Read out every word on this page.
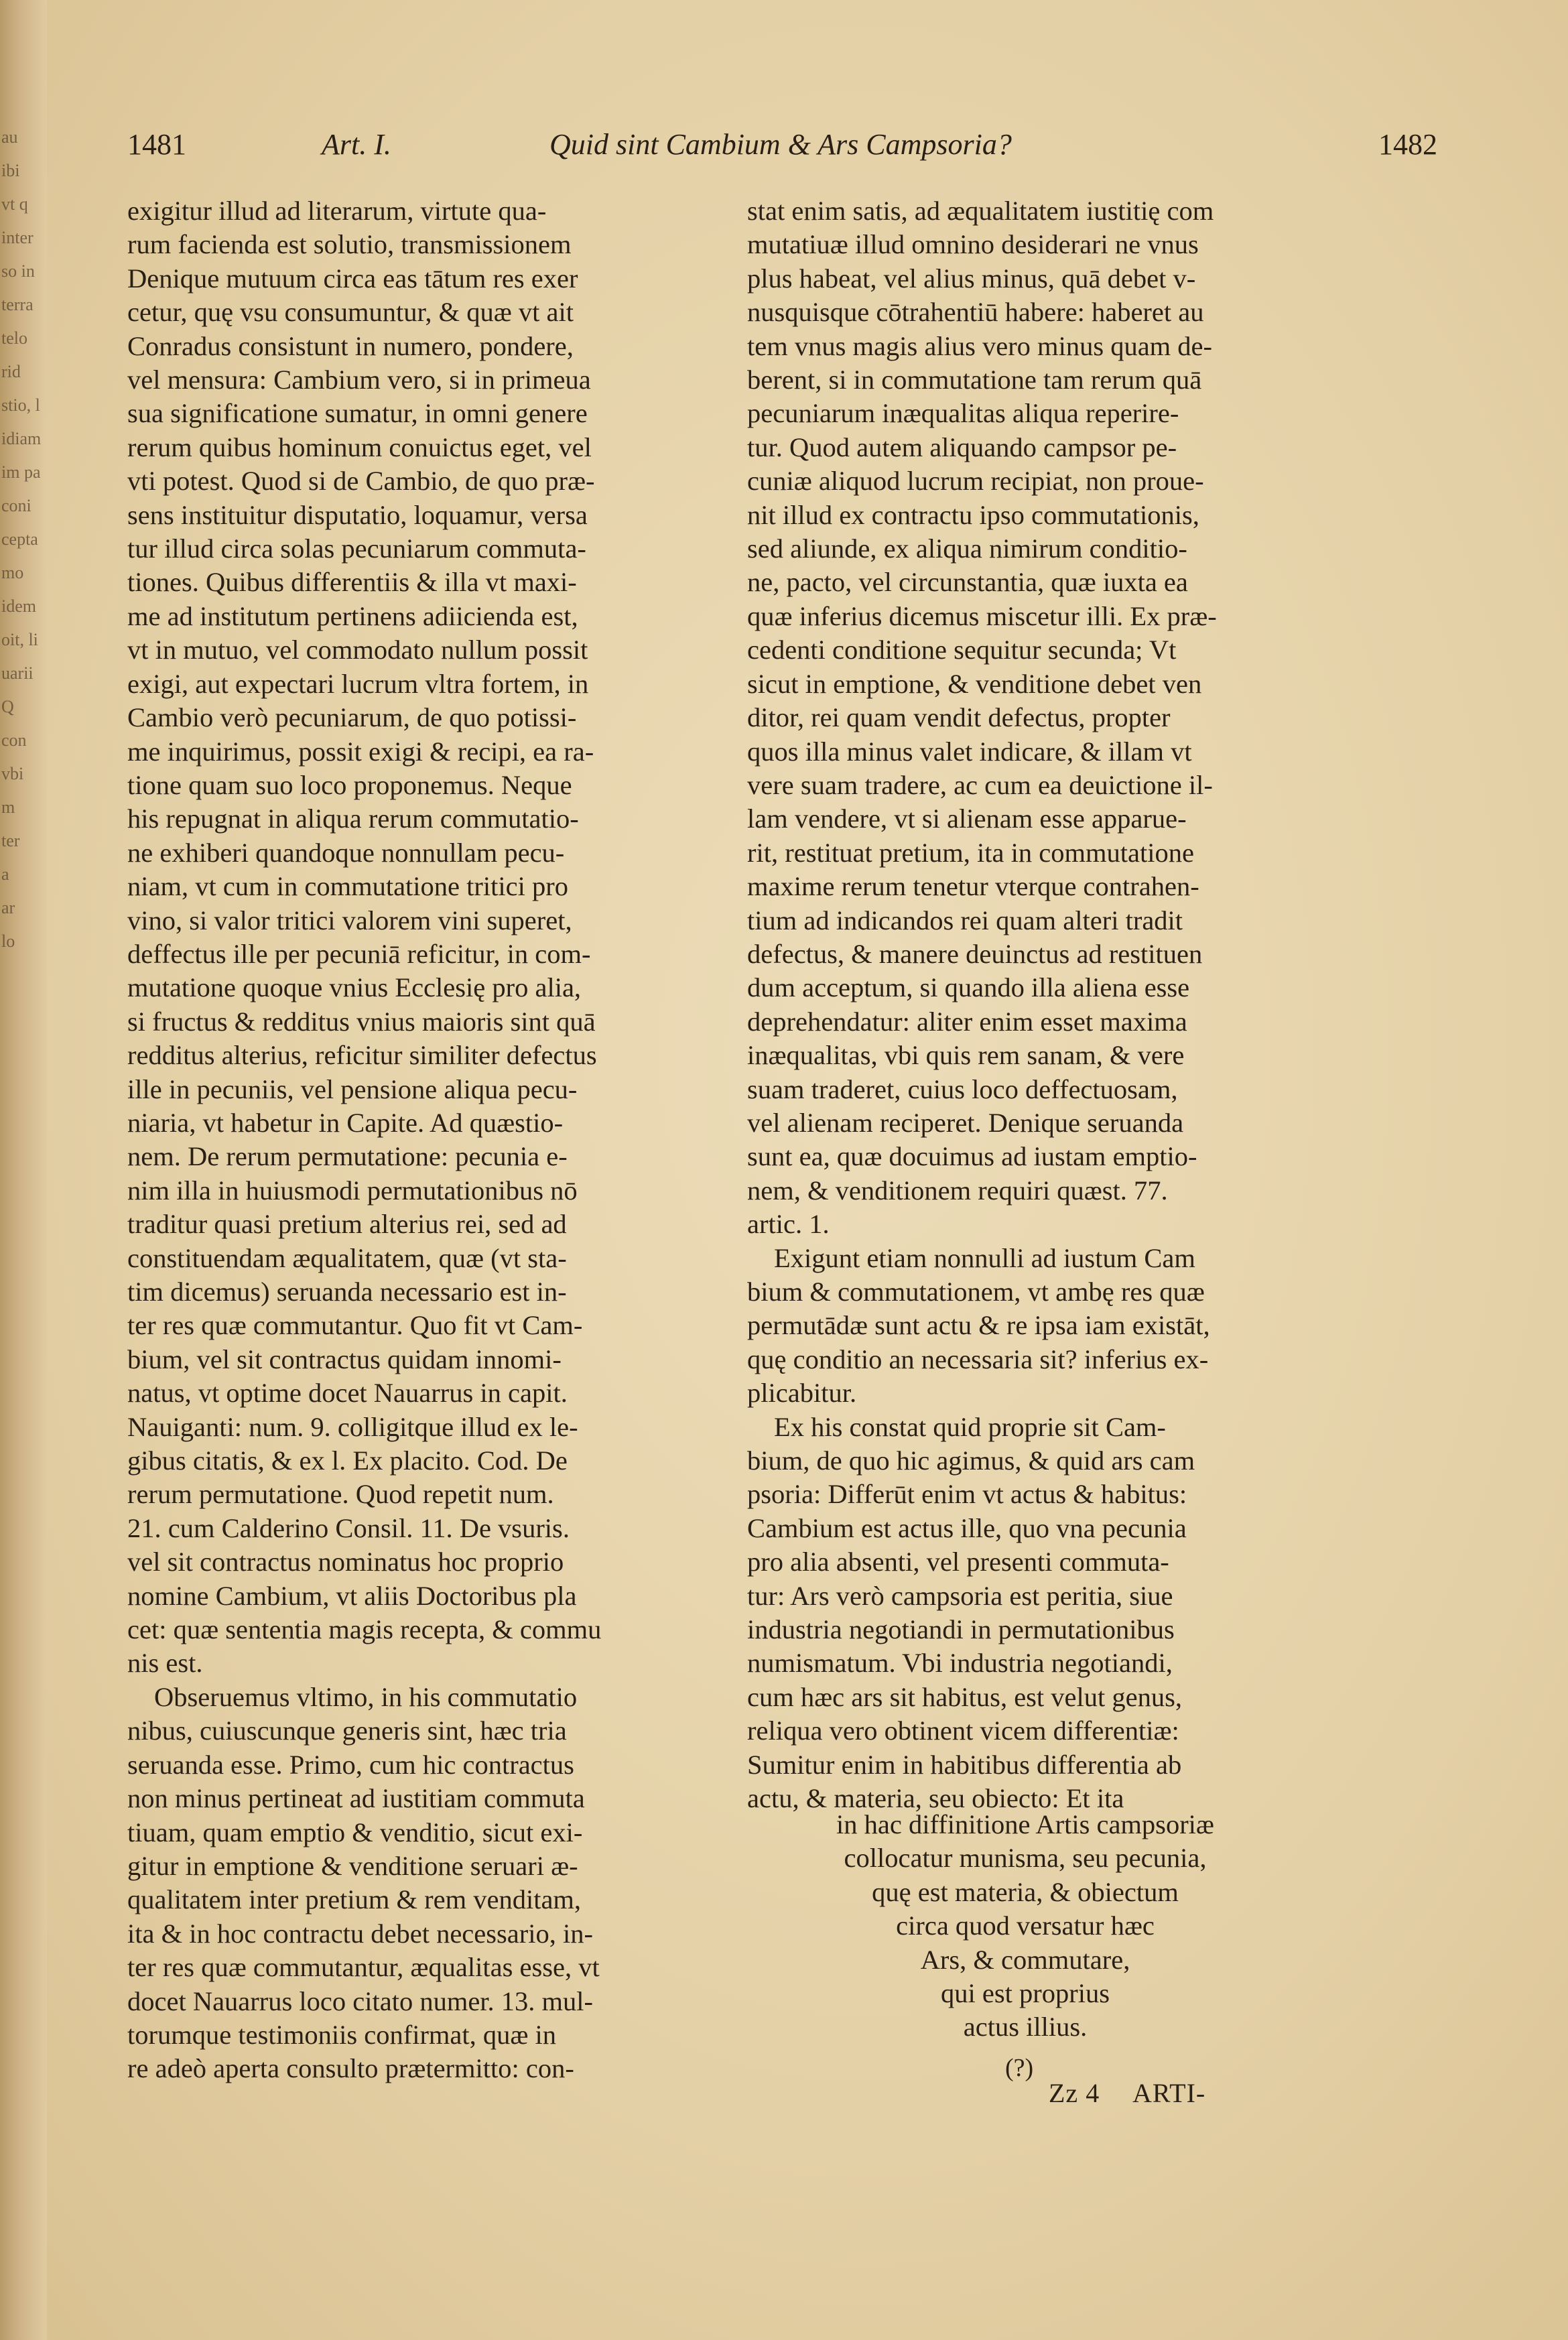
au
ibi
vt q
inter
so in
terra
telo
rid
stio, l
idiam
im pa
coni
cepta
mo
idem
oit, li
uarii
Q
con
vbi
m
ter
a
ar
lo
1481	Art. I.	Quid sint Cambium & Ars Campsoria?	1482
exigitur illud ad literarum, virtute qua-
rum facienda est solutio, transmissionem
Denique mutuum circa eas tātum res exer
cetur, quę vsu consumuntur, & quæ vt ait
Conradus consistunt in numero, pondere,
vel mensura: Cambium vero, si in primeua
sua significatione sumatur, in omni genere
rerum quibus hominum conuictus eget, vel
vti potest. Quod si de Cambio, de quo præ-
sens instituitur disputatio, loquamur, versa
tur illud circa solas pecuniarum commuta-
tiones. Quibus differentiis & illa vt maxi-
me ad institutum pertinens adiicienda est,
vt in mutuo, vel commodato nullum possit
exigi, aut expectari lucrum vltra fortem, in
Cambio verò pecuniarum, de quo potissi-
me inquirimus, possit exigi & recipi, ea ra-
tione quam suo loco proponemus. Neque
his repugnat in aliqua rerum commutatio-
ne exhiberi quandoque nonnullam pecu-
niam, vt cum in commutatione tritici pro
vino, si valor tritici valorem vini superet,
deffectus ille per pecuniā reficitur, in com-
mutatione quoque vnius Ecclesię pro alia,
si fructus & redditus vnius maioris sint quā
redditus alterius, reficitur similiter defectus
ille in pecuniis, vel pensione aliqua pecu-
niaria, vt habetur in Capite. Ad quæstio-
nem. De rerum permutatione: pecunia e-
nim illa in huiusmodi permutationibus nō
traditur quasi pretium alterius rei, sed ad
constituendam æqualitatem, quæ (vt sta-
tim dicemus) seruanda necessario est in-
ter res quæ commutantur. Quo fit vt Cam-
bium, vel sit contractus quidam innomi-
natus, vt optime docet Nauarrus in capit.
Nauiganti: num. 9. colligitque illud ex le-
gibus citatis, & ex l. Ex placito. Cod. De
rerum permutatione. Quod repetit num.
21. cum Calderino Consil. 11. De vsuris.
vel sit contractus nominatus hoc proprio
nomine Cambium, vt aliis Doctoribus pla
cet: quæ sententia magis recepta, & commu
nis est.
Obseruemus vltimo, in his commutatio
nibus, cuiuscunque generis sint, hæc tria
seruanda esse. Primo, cum hic contractus
non minus pertineat ad iustitiam commuta
tiuam, quam emptio & venditio, sicut exi-
gitur in emptione & venditione seruari æ-
qualitatem inter pretium & rem venditam,
ita & in hoc contractu debet necessario, in-
ter res quæ commutantur, æqualitas esse, vt
docet Nauarrus loco citato numer. 13. mul-
torumque testimoniis confirmat, quæ in
re adeò aperta consulto prætermitto: con-
stat enim satis, ad æqualitatem iustitię com
mutatiuæ illud omnino desiderari ne vnus
plus habeat, vel alius minus, quā debet v-
nusquisque cōtrahentiū habere: haberet au
tem vnus magis alius vero minus quam de-
berent, si in commutatione tam rerum quā
pecuniarum inæqualitas aliqua reperire-
tur. Quod autem aliquando campsor pe-
cuniæ aliquod lucrum recipiat, non proue-
nit illud ex contractu ipso commutationis,
sed aliunde, ex aliqua nimirum conditio-
ne, pacto, vel circunstantia, quæ iuxta ea
quæ inferius dicemus miscetur illi. Ex præ-
cedenti conditione sequitur secunda; Vt
sicut in emptione, & venditione debet ven
ditor, rei quam vendit defectus, propter
quos illa minus valet indicare, & illam vt
vere suam tradere, ac cum ea deuictione il-
lam vendere, vt si alienam esse apparue-
rit, restituat pretium, ita in commutatione
maxime rerum tenetur vterque contrahen-
tium ad indicandos rei quam alteri tradit
defectus, & manere deuinctus ad restituen
dum acceptum, si quando illa aliena esse
deprehendatur: aliter enim esset maxima
inæqualitas, vbi quis rem sanam, & vere
suam traderet, cuius loco deffectuosam,
vel alienam reciperet. Denique seruanda
sunt ea, quæ docuimus ad iustam emptio-
nem, & venditionem requiri quæst. 77.
artic. 1.
Exigunt etiam nonnulli ad iustum Cam
bium & commutationem, vt ambę res quæ
permutādæ sunt actu & re ipsa iam existāt,
quę conditio an necessaria sit? inferius ex-
plicabitur.
Ex his constat quid proprie sit Cam-
bium, de quo hic agimus, & quid ars cam
psoria: Differūt enim vt actus & habitus:
Cambium est actus ille, quo vna pecunia
pro alia absenti, vel presenti commuta-
tur: Ars verò campsoria est peritia, siue
industria negotiandi in permutationibus
numismatum. Vbi industria negotiandi,
cum hæc ars sit habitus, est velut genus,
reliqua vero obtinent vicem differentiæ:
Sumitur enim in habitibus differentia ab
actu, & materia, seu obiecto: Et ita
in hac diffinitione Artis campsoriæ
collocatur munisma, seu pecunia,
quę est materia, & obiectum
circa quod versatur hæc
Ars, & commutare,
qui est proprius
actus illius.
(?)
Zz 4 ARTI-
